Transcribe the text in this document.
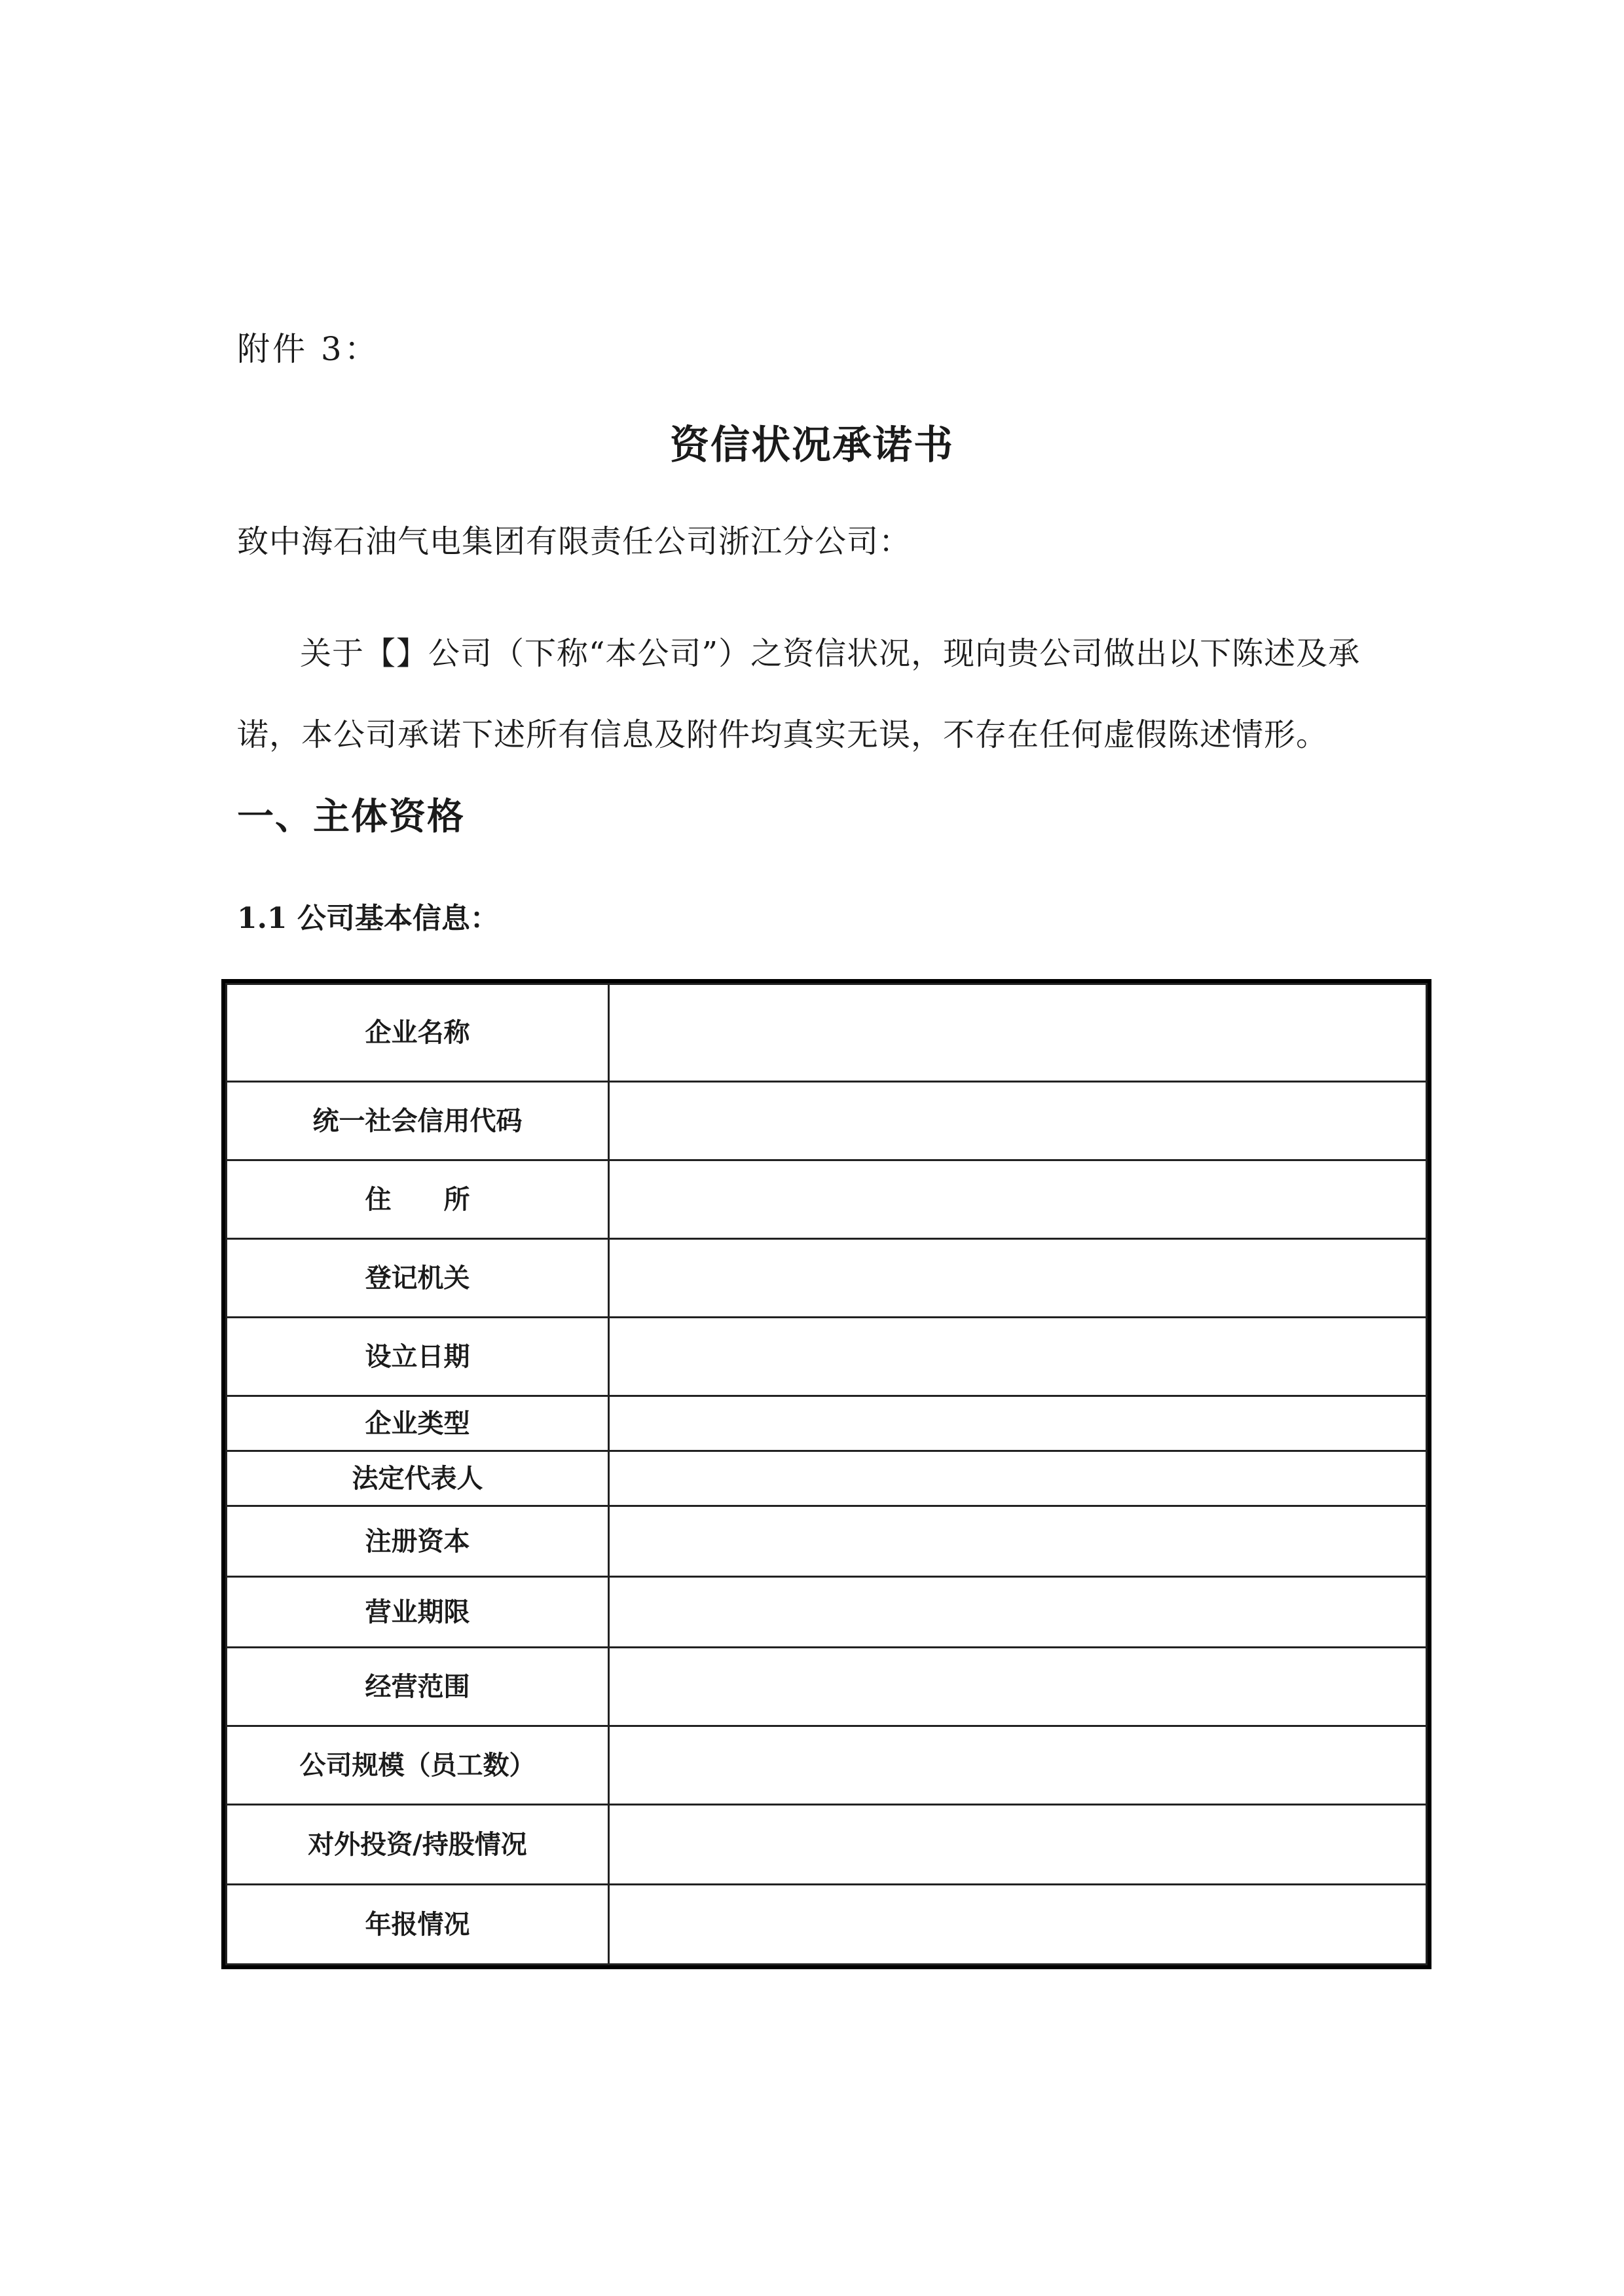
附件 3：
资信状况承诺书
致中海石油气电集团有限责任公司浙江分公司：

关于【】公司（下称“本公司”）之资信状况，现向贵公司做出以下陈述及承诺，本公司承诺下述所有信息及附件均真实无误，不存在任何虚假陈述情形。

一、主体资格
1.1 公司基本信息：
企业名称	
统一社会信用代码	
住　　所	
登记机关	
设立日期	
企业类型	
法定代表人	
注册资本	
营业期限	
经营范围	
公司规模（员工数）	
对外投资/持股情况	
年报情况	
